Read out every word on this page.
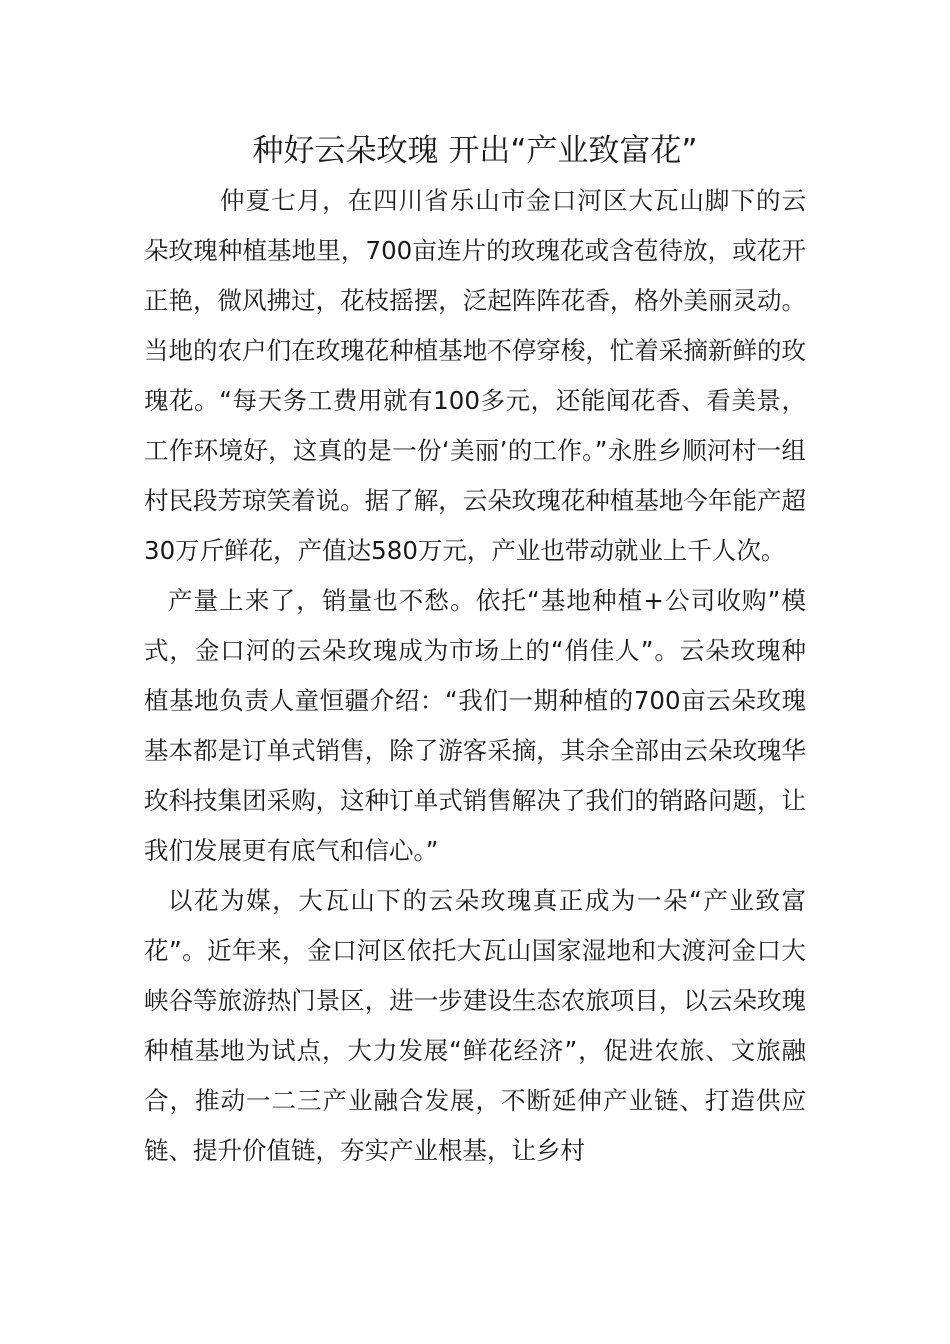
种好云朵玫瑰 开出“产业致富花”

仲夏七月，在四川省乐山市金口河区大瓦山脚下的云朵玫瑰种植基地里，700亩连片的玫瑰花或含苞待放，或花开正艳，微风拂过，花枝摇摆，泛起阵阵花香，格外美丽灵动。当地的农户们在玫瑰花种植基地不停穿梭，忙着采摘新鲜的玫瑰花。“每天务工费用就有100多元，还能闻花香、看美景，工作环境好，这真的是一份‘美丽’的工作。”永胜乡顺河村一组村民段芳琼笑着说。据了解，云朵玫瑰花种植基地今年能产超30万斤鲜花，产值达580万元，产业也带动就业上千人次。

产量上来了，销量也不愁。依托“基地种植+公司收购”模式，金口河的云朵玫瑰成为市场上的“俏佳人”。云朵玫瑰种植基地负责人童恒疆介绍：“我们一期种植的700亩云朵玫瑰基本都是订单式销售，除了游客采摘，其余全部由云朵玫瑰华玫科技集团采购，这种订单式销售解决了我们的销路问题，让我们发展更有底气和信心。”

以花为媒，大瓦山下的云朵玫瑰真正成为一朵“产业致富花”。近年来，金口河区依托大瓦山国家湿地和大渡河金口大峡谷等旅游热门景区，进一步建设生态农旅项目，以云朵玫瑰种植基地为试点，大力发展“鲜花经济”，促进农旅、文旅融合，推动一二三产业融合发展，不断延伸产业链、打造供应链、提升价值链，夯实产业根基，让乡村
